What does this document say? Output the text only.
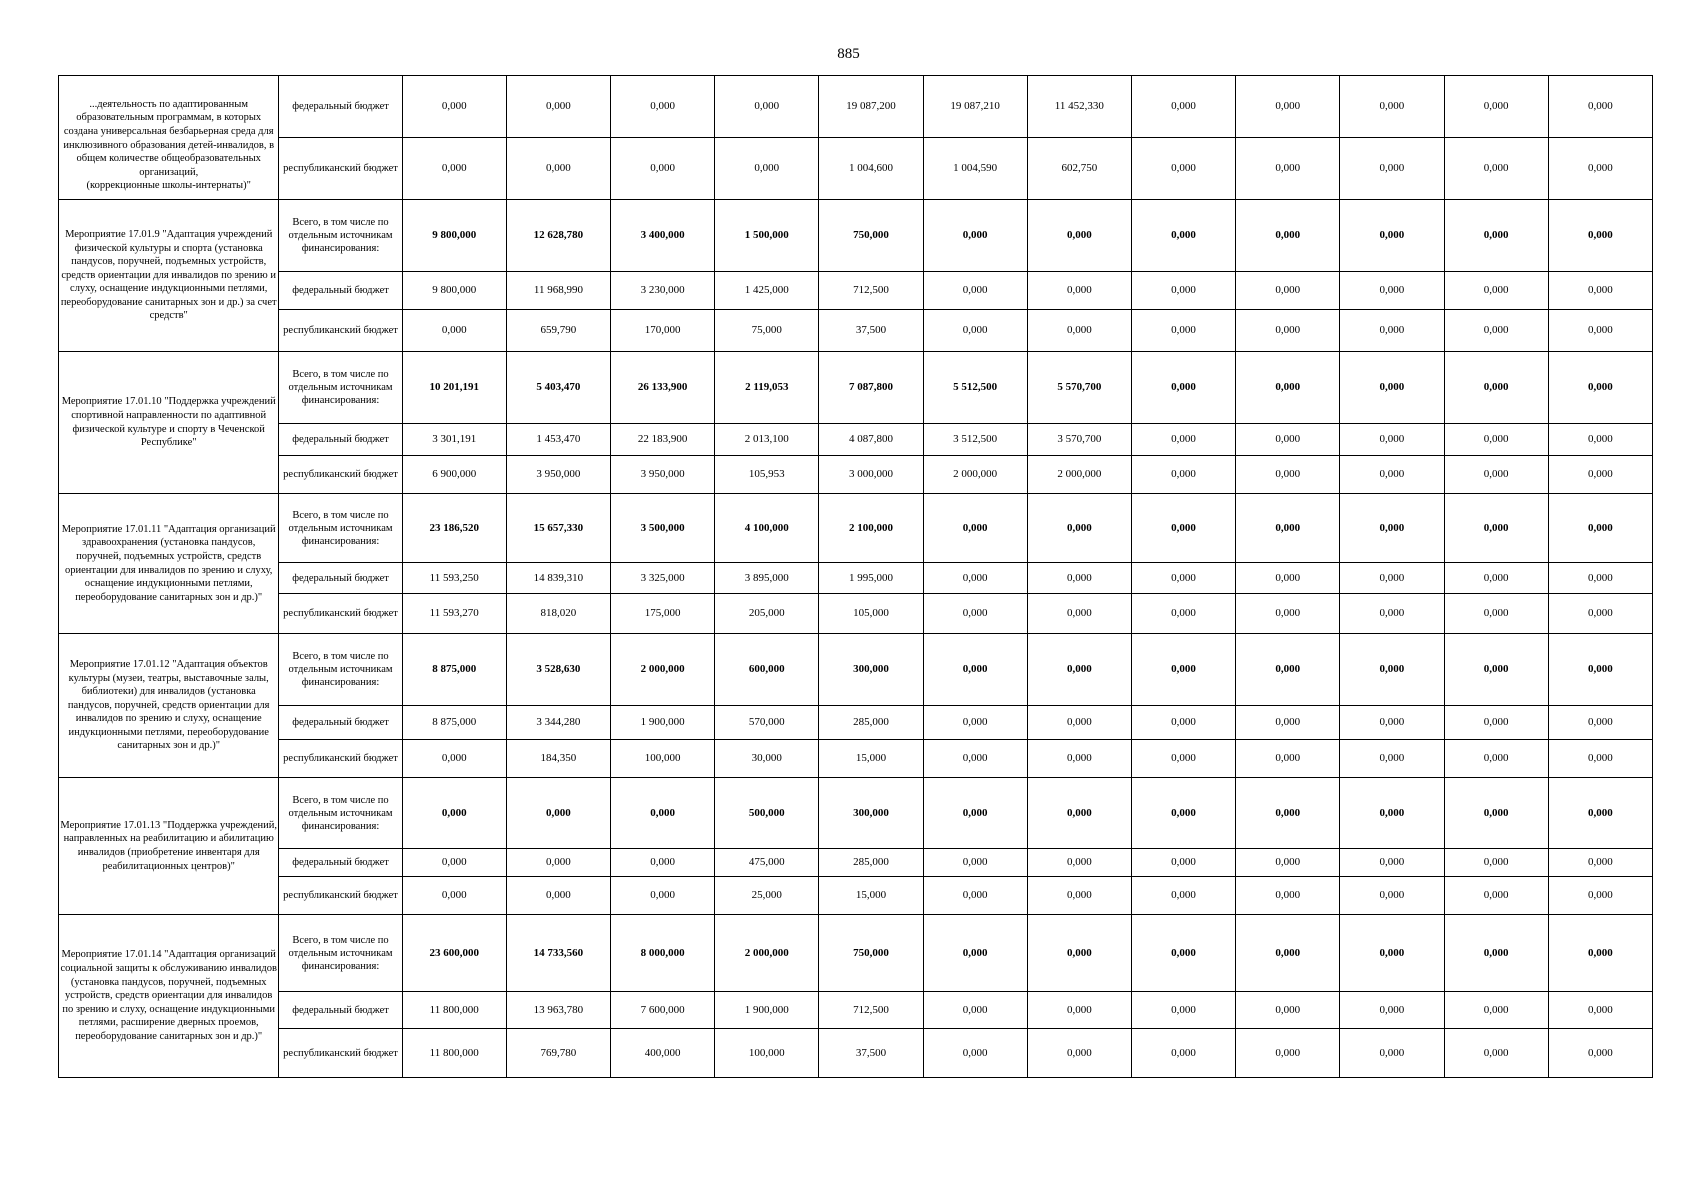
885
...деятельность по адаптированным образовательным программам, в которых создана универсальная безбарьерная среда для инклюзивного образования детей-инвалидов, в общем количестве общеобразовательных организаций,
(коррекционные школы-интернаты)"	федеральный бюджет	0,000	0,000	0,000	0,000	19 087,200	19 087,210	11 452,330	0,000	0,000	0,000	0,000	0,000
	республиканский бюджет	0,000	0,000	0,000	0,000	1 004,600	1 004,590	602,750	0,000	0,000	0,000	0,000	0,000
Мероприятие 17.01.9 "Адаптация учреждений физической культуры и спорта (установка пандусов, поручней, подъемных устройств, средств ориентации для инвалидов по зрению и слуху, оснащение индукционными петлями, переоборудование санитарных зон и др.) за счет средств"	Всего, в том числе по отдельным источникам финансирования:	9 800,000	12 628,780	3 400,000	1 500,000	750,000	0,000	0,000	0,000	0,000	0,000	0,000	0,000
	федеральный бюджет	9 800,000	11 968,990	3 230,000	1 425,000	712,500	0,000	0,000	0,000	0,000	0,000	0,000	0,000
	республиканский бюджет	0,000	659,790	170,000	75,000	37,500	0,000	0,000	0,000	0,000	0,000	0,000	0,000
Мероприятие 17.01.10 "Поддержка учреждений спортивной направленности по адаптивной физической культуре и спорту в Чеченской Республике"	Всего, в том числе по отдельным источникам финансирования:	10 201,191	5 403,470	26 133,900	2 119,053	7 087,800	5 512,500	5 570,700	0,000	0,000	0,000	0,000	0,000
	федеральный бюджет	3 301,191	1 453,470	22 183,900	2 013,100	4 087,800	3 512,500	3 570,700	0,000	0,000	0,000	0,000	0,000
	республиканский бюджет	6 900,000	3 950,000	3 950,000	105,953	3 000,000	2 000,000	2 000,000	0,000	0,000	0,000	0,000	0,000
Мероприятие 17.01.11 "Адаптация организаций здравоохранения (установка пандусов, поручней, подъемных устройств, средств ориентации для инвалидов по зрению и слуху, оснащение индукционными петлями, переоборудование санитарных зон и др.)"	Всего, в том числе по отдельным источникам финансирования:	23 186,520	15 657,330	3 500,000	4 100,000	2 100,000	0,000	0,000	0,000	0,000	0,000	0,000	0,000
	федеральный бюджет	11 593,250	14 839,310	3 325,000	3 895,000	1 995,000	0,000	0,000	0,000	0,000	0,000	0,000	0,000
	республиканский бюджет	11 593,270	818,020	175,000	205,000	105,000	0,000	0,000	0,000	0,000	0,000	0,000	0,000
Мероприятие 17.01.12 "Адаптация объектов культуры (музеи, театры, выставочные залы, библиотеки) для инвалидов (установка пандусов, поручней, средств ориентации для инвалидов по зрению и слуху, оснащение индукционными петлями, переоборудование санитарных зон и др.)"	Всего, в том числе по отдельным источникам финансирования:	8 875,000	3 528,630	2 000,000	600,000	300,000	0,000	0,000	0,000	0,000	0,000	0,000	0,000
	федеральный бюджет	8 875,000	3 344,280	1 900,000	570,000	285,000	0,000	0,000	0,000	0,000	0,000	0,000	0,000
	республиканский бюджет	0,000	184,350	100,000	30,000	15,000	0,000	0,000	0,000	0,000	0,000	0,000	0,000
Мероприятие 17.01.13 "Поддержка учреждений, направленных на реабилитацию и абилитацию инвалидов (приобретение инвентаря для реабилитационных центров)"	Всего, в том числе по отдельным источникам финансирования:	0,000	0,000	0,000	500,000	300,000	0,000	0,000	0,000	0,000	0,000	0,000	0,000
	федеральный бюджет	0,000	0,000	0,000	475,000	285,000	0,000	0,000	0,000	0,000	0,000	0,000	0,000
	республиканский бюджет	0,000	0,000	0,000	25,000	15,000	0,000	0,000	0,000	0,000	0,000	0,000	0,000
Мероприятие 17.01.14 "Адаптация организаций социальной защиты к обслуживанию инвалидов (установка пандусов, поручней, подъемных устройств, средств ориентации для инвалидов по зрению и слуху, оснащение индукционными петлями, расширение дверных проемов, переоборудование санитарных зон и др.)"	Всего, в том числе по отдельным источникам финансирования:	23 600,000	14 733,560	8 000,000	2 000,000	750,000	0,000	0,000	0,000	0,000	0,000	0,000	0,000
	федеральный бюджет	11 800,000	13 963,780	7 600,000	1 900,000	712,500	0,000	0,000	0,000	0,000	0,000	0,000	0,000
	республиканский бюджет	11 800,000	769,780	400,000	100,000	37,500	0,000	0,000	0,000	0,000	0,000	0,000	0,000
